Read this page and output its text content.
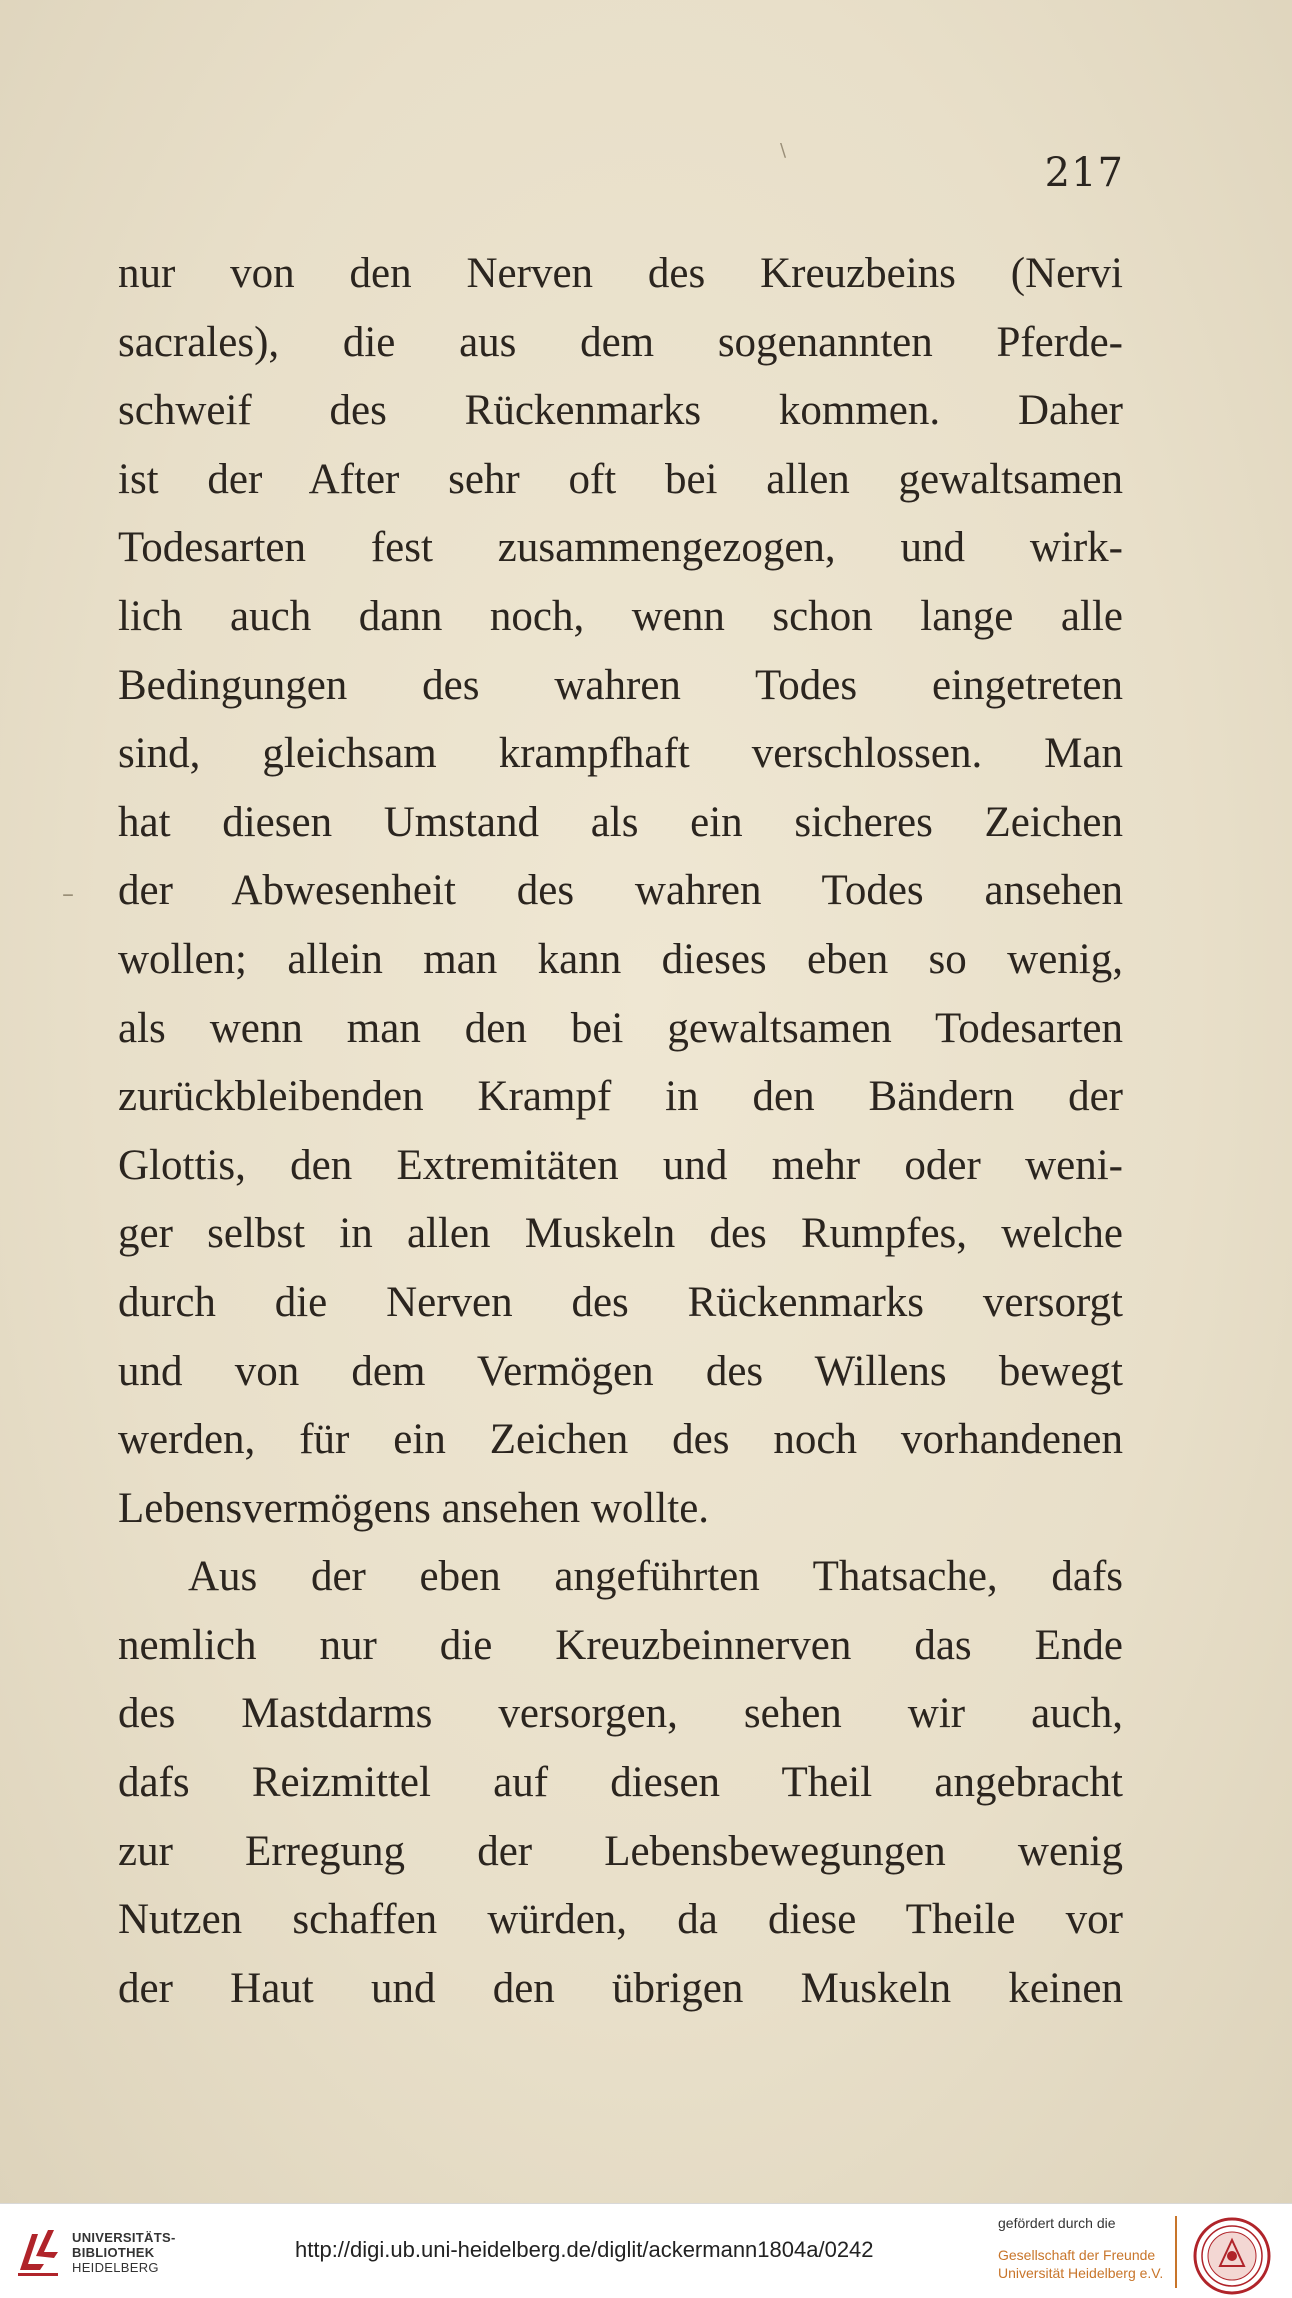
\
–
217
nur von den Nerven des Kreuzbeins (Nervi
sacrales), die aus dem sogenannten Pferde-
schweif des Rückenmarks kommen. Daher
ist der After sehr oft bei allen gewaltsamen
Todesarten fest zusammengezogen, und wirk-
lich auch dann noch, wenn schon lange alle
Bedingungen des wahren Todes eingetreten
sind, gleichsam krampfhaft verschlossen. Man
hat diesen Umstand als ein sicheres Zeichen
der Abwesenheit des wahren Todes ansehen
wollen; allein man kann dieses eben so wenig,
als wenn man den bei gewaltsamen Todesarten
zurückbleibenden Krampf in den Bändern der
Glottis, den Extremitäten und mehr oder weni-
ger selbst in allen Muskeln des Rumpfes, welche
durch die Nerven des Rückenmarks versorgt
und von dem Vermögen des Willens bewegt
werden, für ein Zeichen des noch vorhandenen
Lebensvermögens ansehen wollte.
Aus der eben angeführten Thatsache, dafs
nemlich nur die Kreuzbeinnerven das Ende
des Mastdarms versorgen, sehen wir auch,
dafs Reizmittel auf diesen Theil angebracht
zur Erregung der Lebensbewegungen wenig
Nutzen schaffen würden, da diese Theile vor
der Haut und den übrigen Muskeln keinen
UNIVERSITÄTS-
BIBLIOTHEK
HEIDELBERG
http://digi.ub.uni-heidelberg.de/diglit/ackermann1804a/0242
gefördert durch die
Gesellschaft der Freunde
Universität Heidelberg e.V.
